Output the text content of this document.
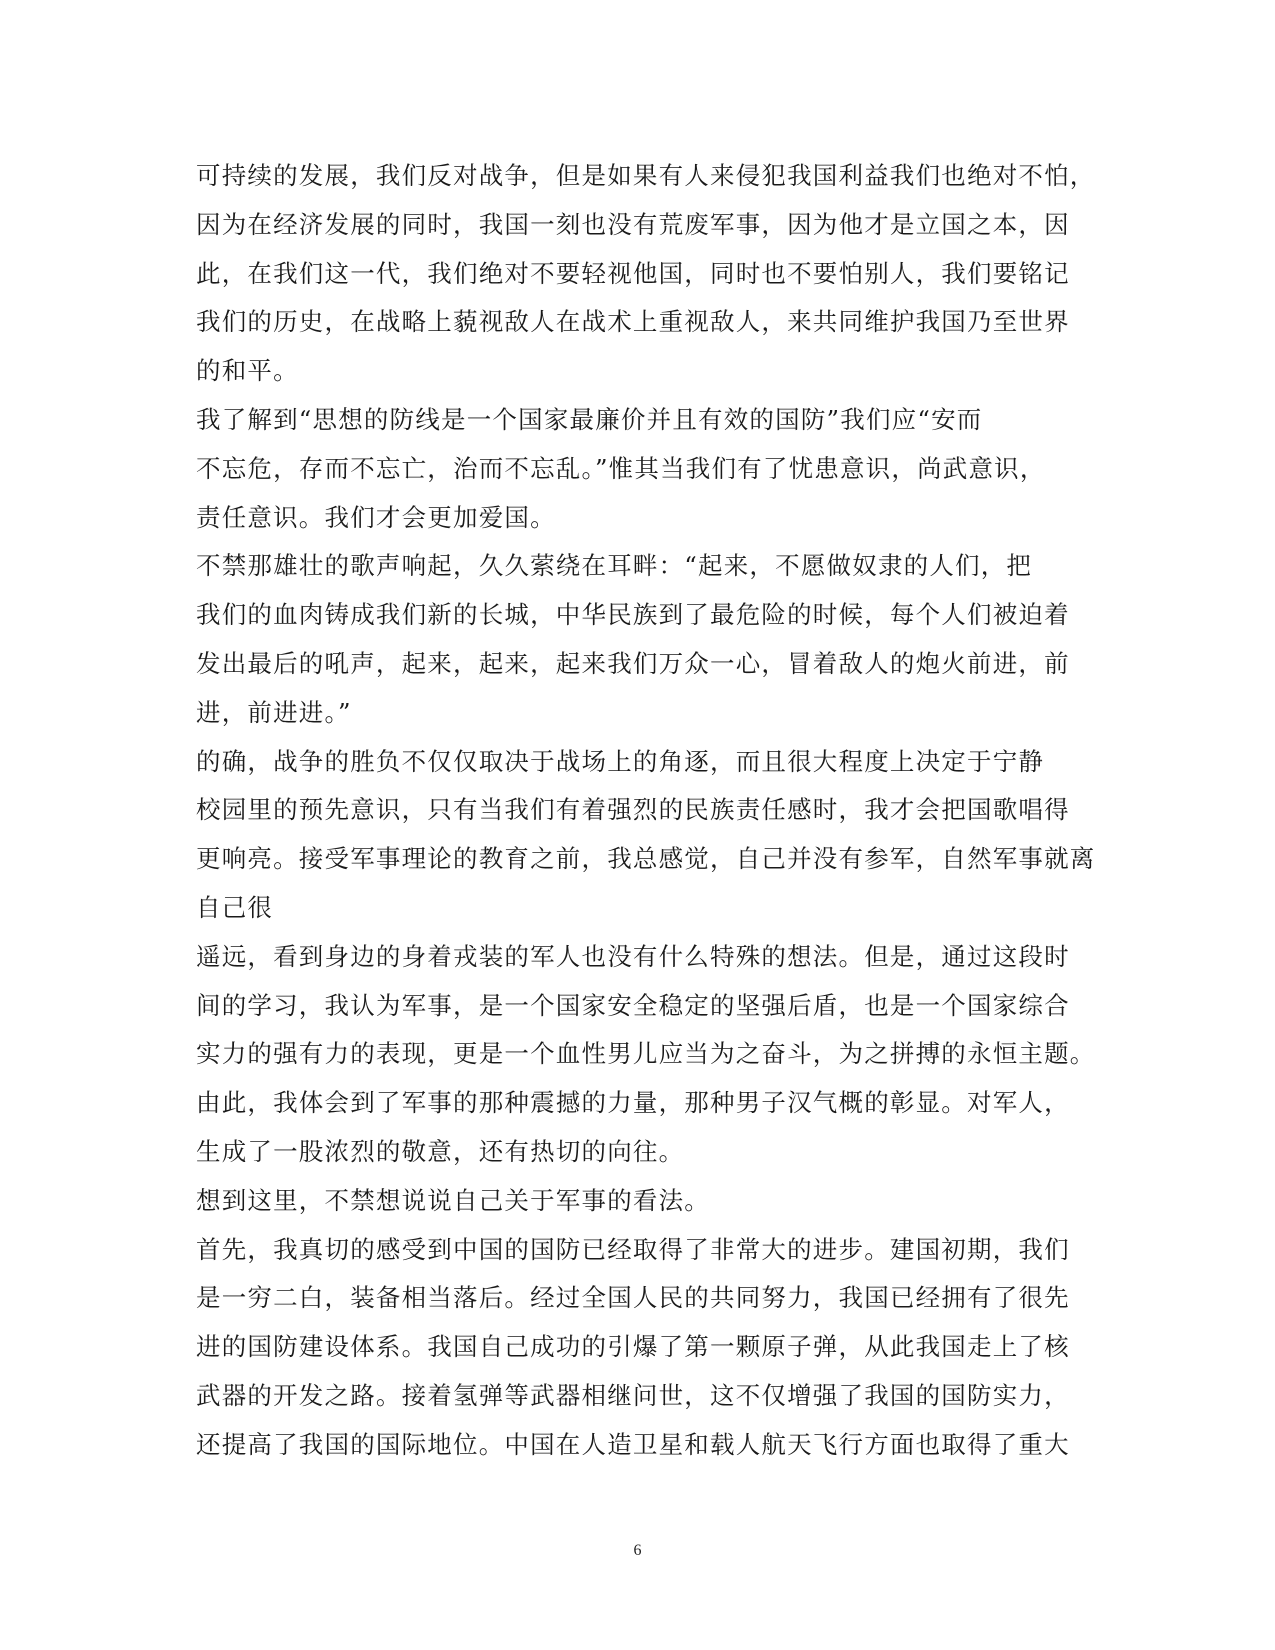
可持续的发展，我们反对战争，但是如果有人来侵犯我国利益我们也绝对不怕，
因为在经济发展的同时，我国一刻也没有荒废军事，因为他才是立国之本，因
此，在我们这一代，我们绝对不要轻视他国，同时也不要怕别人，我们要铭记
我们的历史，在战略上藐视敌人在战术上重视敌人，来共同维护我国乃至世界
的和平。
我了解到“思想的防线是一个国家最廉价并且有效的国防”我们应“安而
不忘危，存而不忘亡，治而不忘乱。”惟其当我们有了忧患意识，尚武意识，
责任意识。我们才会更加爱国。
不禁那雄壮的歌声响起，久久萦绕在耳畔：“起来，不愿做奴隶的人们，把
我们的血肉铸成我们新的长城，中华民族到了最危险的时候，每个人们被迫着
发出最后的吼声，起来，起来，起来我们万众一心，冒着敌人的炮火前进，前
进，前进进。”
的确，战争的胜负不仅仅取决于战场上的角逐，而且很大程度上决定于宁静
校园里的预先意识，只有当我们有着强烈的民族责任感时，我才会把国歌唱得
更响亮。接受军事理论的教育之前，我总感觉，自己并没有参军，自然军事就离
自己很
遥远，看到身边的身着戎装的军人也没有什么特殊的想法。但是，通过这段时
间的学习，我认为军事，是一个国家安全稳定的坚强后盾，也是一个国家综合
实力的强有力的表现，更是一个血性男儿应当为之奋斗，为之拼搏的永恒主题。
由此，我体会到了军事的那种震撼的力量，那种男子汉气概的彰显。对军人，
生成了一股浓烈的敬意，还有热切的向往。
想到这里，不禁想说说自己关于军事的看法。
首先，我真切的感受到中国的国防已经取得了非常大的进步。建国初期，我们
是一穷二白，装备相当落后。经过全国人民的共同努力，我国已经拥有了很先
进的国防建设体系。我国自己成功的引爆了第一颗原子弹，从此我国走上了核
武器的开发之路。接着氢弹等武器相继问世，这不仅增强了我国的国防实力，
还提高了我国的国际地位。中国在人造卫星和载人航天飞行方面也取得了重大
6
